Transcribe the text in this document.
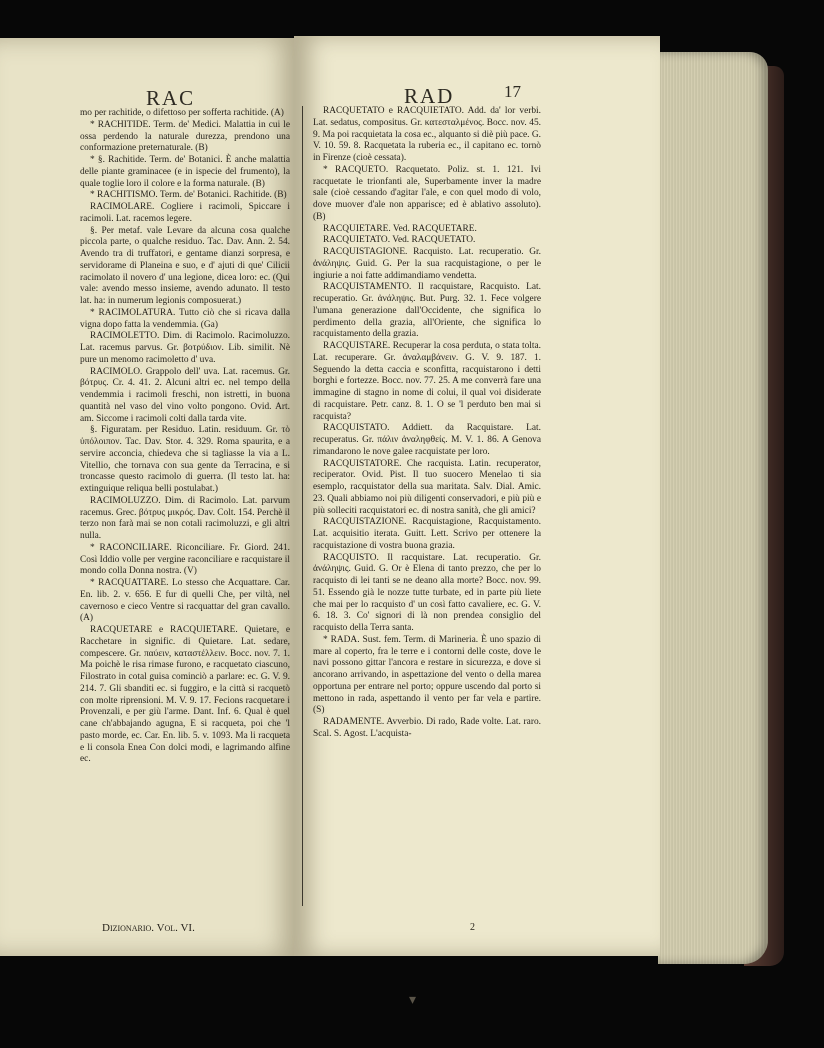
RAC	RAD	17

mo per rachitide, o difettoso per sofferta rachitide. (A)

* RACHITIDE. Term. de' Medici. Malattia in cui le ossa perdendo la naturale durezza, prendono una conformazione preternaturale. (B)

* §. Rachitide. Term. de' Botanici. È anche malattia delle piante graminacee (e in ispecie del frumento), la quale toglie loro il colore e la forma naturale. (B)

* RACHITISMO. Term. de' Botanici. Rachitide. (B)

RACIMOLARE. Cogliere i racimoli, Spiccare i racimoli. Lat. racemos legere.

§. Per metaf. vale Levare da alcuna cosa qualche piccola parte, o qualche residuo. Tac. Dav. Ann. 2. 54. Avendo tra di truffatori, e gentame dianzi sorpresa, e servidorame di Planeina e suo, e d' ajuti di que' Cilicii racimolato il novero d' una legione, dicea loro: ec. (Qui vale: avendo messo insieme, avendo adunato. Il testo lat. ha: in numerum legionis composuerat.)

* RACIMOLATURA. Tutto ciò che si ricava dalla vigna dopo fatta la vendemmia. (Ga)

RACIMOLETTO. Dim. di Racimolo. Racimoluzzo. Lat. racemus parvus. Gr. βοτρύδιον. Lib. similit. Nè pure un menomo racimoletto d' uva.

RACIMOLO. Grappolo dell' uva. Lat. racemus. Gr. βότρυς. Cr. 4. 41. 2. Alcuni altri ec. nel tempo della vendemmia i racimoli freschi, non istretti, in buona quantità nel vaso del vino volto pongono. Ovid. Art. am. Siccome i racimoli colti dalla tarda vite.

§. Figuratam. per Residuo. Latin. residuum. Gr. τὸ ὑπόλοιπον. Tac. Dav. Stor. 4. 329. Roma spaurita, e a servire acconcia, chiedeva che si tagliasse la via a L. Vitellio, che tornava con sua gente da Terracina, e si troncasse questo racimolo di guerra. (Il testo lat. ha: extinguique reliqua belli postulabat.)

RACIMOLUZZO. Dim. di Racimolo. Lat. parvum racemus. Grec. βότρυς μικρός. Dav. Colt. 154. Perchè il terzo non farà mai se non cotali racimoluzzi, e gli altri nulla.

* RACONCILIARE. Riconciliare. Fr. Giord. 241. Così Iddio volle per vergine raconciliare e racquistare il mondo colla Donna nostra. (V)

* RACQUATTARE. Lo stesso che Acquattare. Car. En. lib. 2. v. 656. E fur di quelli Che, per viltà, nel cavernoso e cieco Ventre si racquattar del gran cavallo. (A)

RACQUETARE e RACQUIETARE. Quietare, e Racchetare in signific. di Quietare. Lat. sedare, compescere. Gr. παύειν, καταστέλλειν. Bocc. nov. 7. 1. Ma poichè le risa rimase furono, e racquetato ciascuno, Filostrato in cotal guisa cominciò a parlare: ec. G. V. 9. 214. 7. Gli sbanditi ec. si fuggiro, e la città si racquetò con molte riprensioni. M. V. 9. 17. Fecions racquetare i Provenzali, e per giù l'arme. Dant. Inf. 6. Qual è quel cane ch'abbajando agugna, E si racqueta, poi che 'l pasto morde, ec. Car. En. lib. 5. v. 1093. Ma li racqueta e li consola Enea Con dolci modi, e lagrimando alfine ec.

RACQUETATO e RACQUIETATO. Add. da' lor verbi. Lat. sedatus, compositus. Gr. κατεσταλμένος. Bocc. nov. 45. 9. Ma poi racquietata la cosa ec., alquanto si diè più pace. G. V. 10. 59. 8. Racquetata la ruberia ec., il capitano ec. tornò in Firenze (cioè cessata).

* RACQUETO. Racquetato. Poliz. st. 1. 121. Ivi racquetate le trionfanti ale, Superbamente inver la madre sale (cioè cessando d'agitar l'ale, e con quel modo di volo, dove muover d'ale non apparisce; ed è ablativo assoluto). (B)

RACQUIETARE. Ved. RACQUETARE.

RACQUIETATO. Ved. RACQUETATO.

RACQUISTAGIONE. Racquisto. Lat. recuperatio. Gr. ἀνάληψις. Guid. G. Per la sua racquistagione, o per le ingiurie a noi fatte addimandiamo vendetta.

RACQUISTAMENTO. Il racquistare, Racquisto. Lat. recuperatio. Gr. ἀνάληψις. But. Purg. 32. 1. Fece volgere l'umana generazione dall'Occidente, che significa lo perdimento della grazia, all'Oriente, che significa lo racquistamento della grazia.

RACQUISTARE. Recuperar la cosa perduta, o stata tolta. Lat. recuperare. Gr. ἀναλαμβάνειν. G. V. 9. 187. 1. Seguendo la detta caccia e sconfitta, racquistarono i detti borghi e fortezze. Bocc. nov. 77. 25. A me converrà fare una immagine di stagno in nome di colui, il qual voi disiderate di racquistare. Petr. canz. 8. 1. O se 'l perduto ben mai si racquista?

RACQUISTATO. Addiett. da Racquistare. Lat. recuperatus. Gr. πάλιν ἀναληφθείς. M. V. 1. 86. A Genova rimandarono le nove galee racquistate per loro.

RACQUISTATORE. Che racquista. Latin. recuperator, reciperator. Ovid. Pist. Il tuo suocero Menelao ti sia esemplo, racquistator della sua maritata. Salv. Dial. Amic. 23. Quali abbiamo noi più diligenti conservadori, e più più e più solleciti racquistatori ec. di nostra sanità, che gli amici?

RACQUISTAZIONE. Racquistagione, Racquistamento. Lat. acquisitio iterata. Guitt. Lett. Scrivo per ottenere la racquistazione di vostra buona grazia.

RACQUISTO. Il racquistare. Lat. recuperatio. Gr. ἀνάληψις. Guid. G. Or è Elena di tanto prezzo, che per lo racquisto di lei tanti se ne deano alla morte? Bocc. nov. 99. 51. Essendo già le nozze tutte turbate, ed in parte più liete che mai per lo racquisto d' un così fatto cavaliere, ec. G. V. 6. 18. 3. Co' signori di là non prendea consiglio del racquisto della Terra santa.

* RADA. Sust. fem. Term. di Marineria. È uno spazio di mare al coperto, fra le terre e i contorni delle coste, dove le navi possono gittar l'ancora e restare in sicurezza, e dove si ancorano arrivando, in aspettazione del vento o della marea opportuna per entrare nel porto; oppure uscendo dal porto si mettono in rada, aspettando il vento per far vela e partire. (S)

RADAMENTE. Avverbio. Di rado, Rade volte. Lat. raro. Scal. S. Agost. L'acquista-

Dizionario. Vol. VI.	2
▾
